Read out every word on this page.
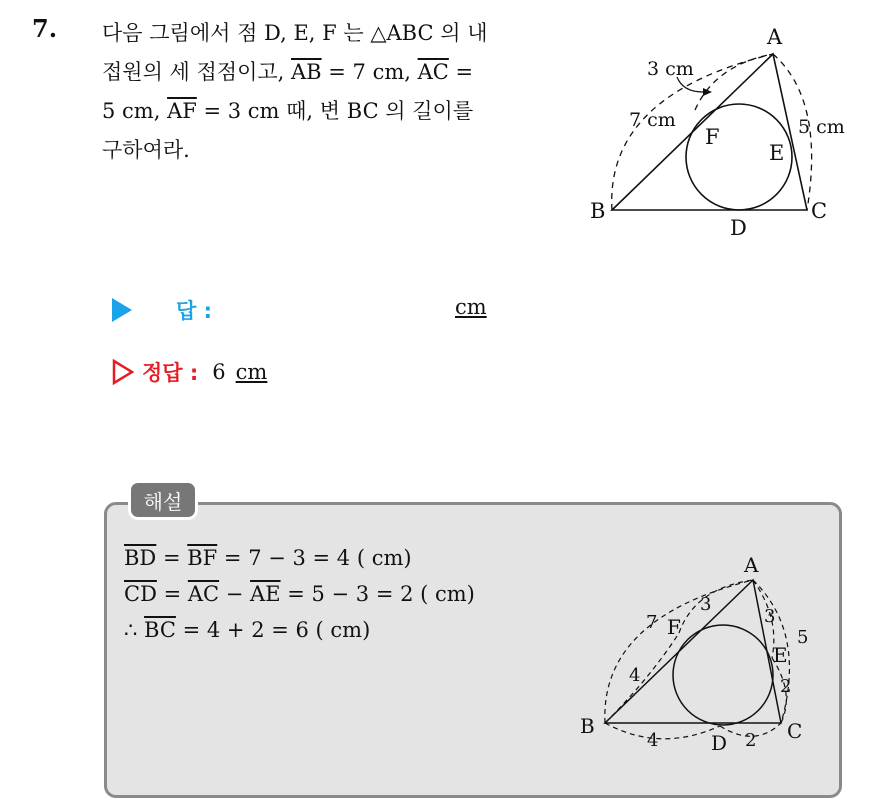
7. 다음 그림에서 점 D, E, F 는 △ABC 의 내
접원의 세 접점이고, $\overline{AB} = 7$ cm, $\overline{AC}$ =
5 cm, $\overline{AF} = 3$ cm 때, 변 BC 의 길이를
구하여라.
A
B	C
D
E
F
3 cm
7 cm	5 cm
답 :	cm
정답 : 6 cm
해설
$\overline{BD} = \overline{BF} = 7 - 3 = 4$ ( cm)
$\overline{CD} = \overline{AC} - \overline{AE} = 5 - 3 = 2$ ( cm)
∴ $\overline{BC} = 4 + 2 = 6$ ( cm)
A
B	C
D
E
F
3
7
4
3
5
2
4	2
